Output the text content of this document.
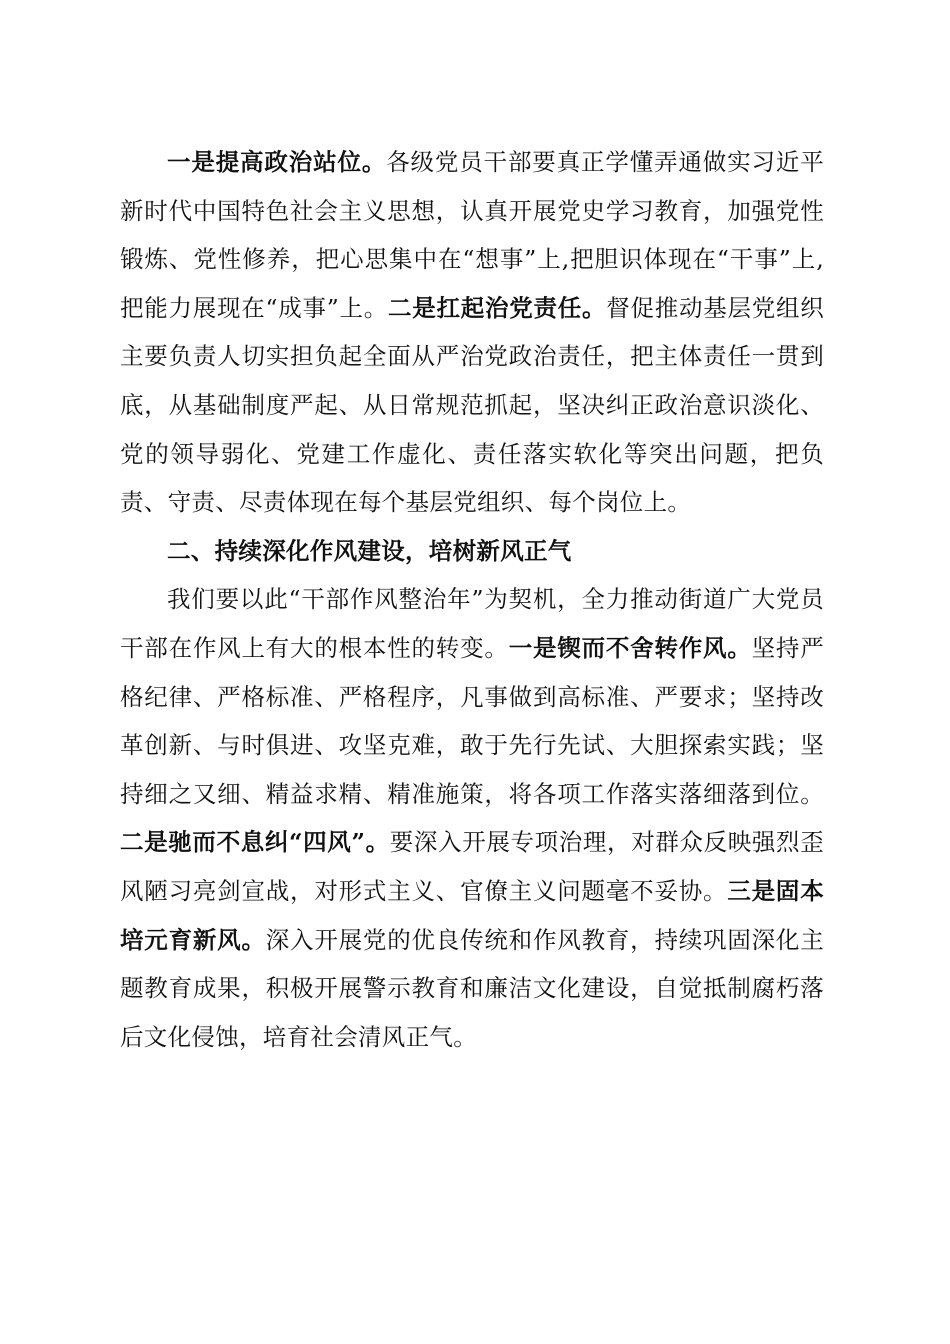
一是提高政治站位。各级党员干部要真正学懂弄通做实习近平新时代中国特色社会主义思想，认真开展党史学习教育，加强党性锻炼、党性修养，把心思集中在“想事”上,把胆识体现在“干事”上,把能力展现在“成事”上。二是扛起治党责任。督促推动基层党组织主要负责人切实担负起全面从严治党政治责任，把主体责任一贯到底，从基础制度严起、从日常规范抓起，坚决纠正政治意识淡化、党的领导弱化、党建工作虚化、责任落实软化等突出问题，把负责、守责、尽责体现在每个基层党组织、每个岗位上。

二、持续深化作风建设，培树新风正气

我们要以此“干部作风整治年”为契机，全力推动街道广大党员干部在作风上有大的根本性的转变。一是锲而不舍转作风。坚持严格纪律、严格标准、严格程序，凡事做到高标准、严要求；坚持改革创新、与时俱进、攻坚克难，敢于先行先试、大胆探索实践；坚持细之又细、精益求精、精准施策，将各项工作落实落细落到位。二是驰而不息纠“四风”。要深入开展专项治理，对群众反映强烈歪风陋习亮剑宣战，对形式主义、官僚主义问题毫不妥协。三是固本培元育新风。深入开展党的优良传统和作风教育，持续巩固深化主题教育成果，积极开展警示教育和廉洁文化建设，自觉抵制腐朽落后文化侵蚀，培育社会清风正气。
